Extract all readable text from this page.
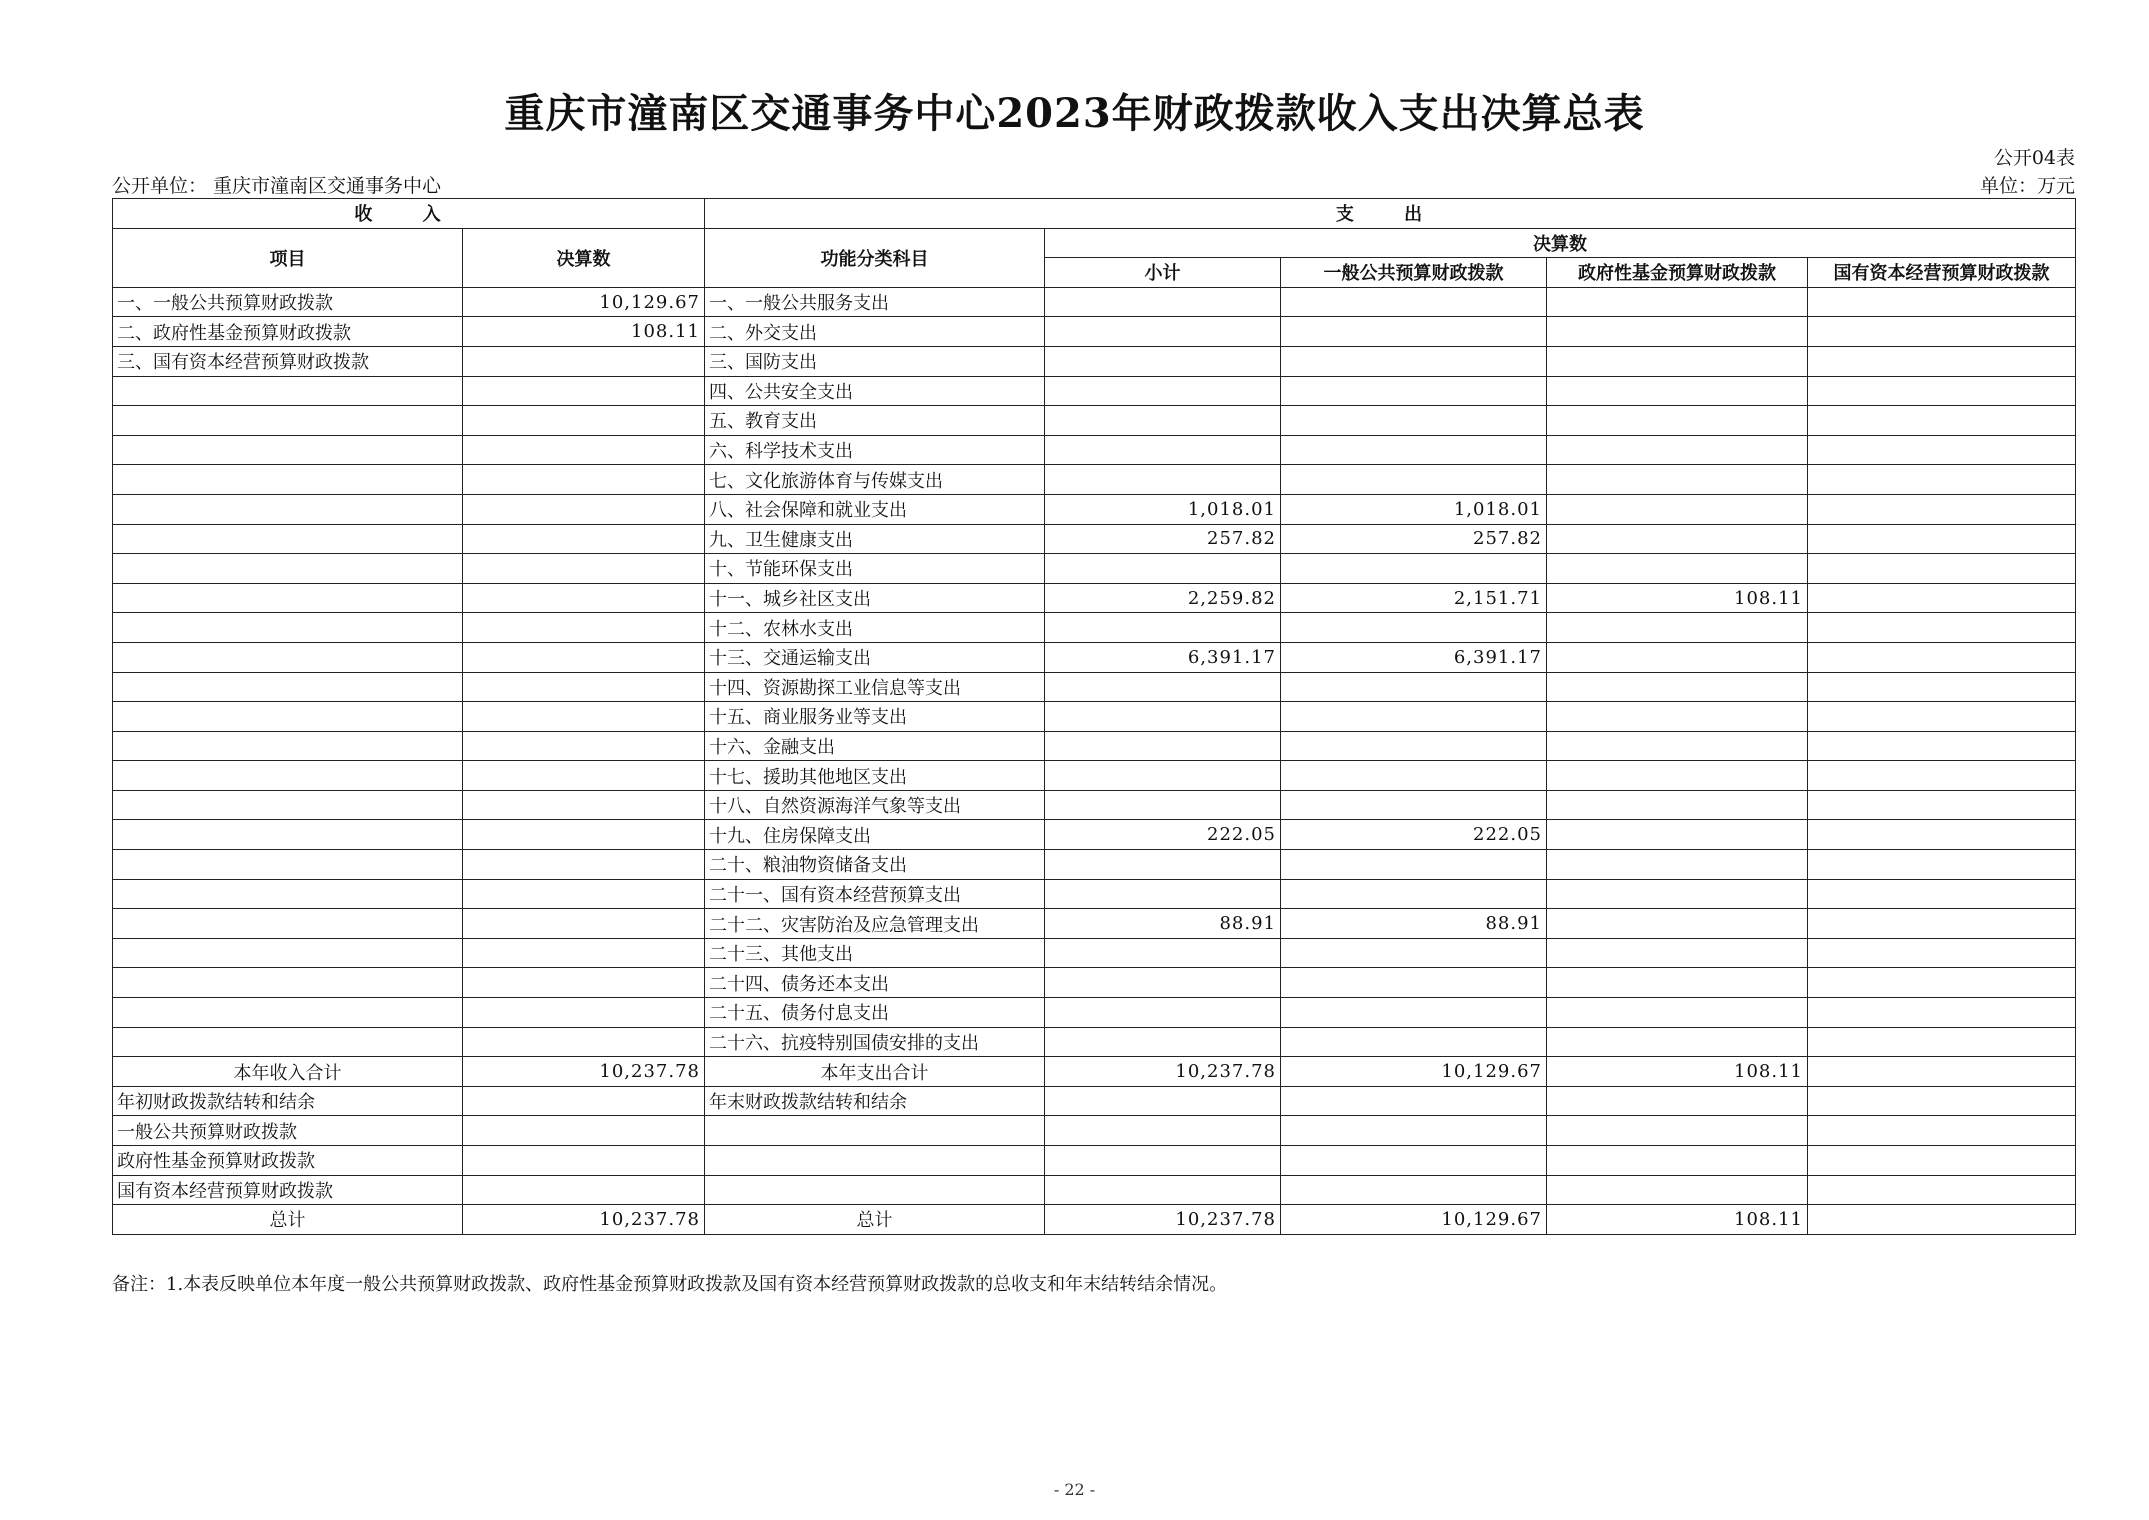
重庆市潼南区交通事务中心2023年财政拨款收入支出决算总表
公开04表
公开单位： 重庆市潼南区交通事务中心	单位：万元
收 入		支 出				
项目	决算数	功能分类科目	决算数			
			小计	一般公共预算财政拨款	政府性基金预算财政拨款	国有资本经营预算财政拨款
一、一般公共预算财政拨款	10,129.67	一、一般公共服务支出				
二、政府性基金预算财政拨款	108.11	二、外交支出				
三、国有资本经营预算财政拨款		三、国防支出				
		四、公共安全支出				
		五、教育支出				
		六、科学技术支出				
		七、文化旅游体育与传媒支出				
		八、社会保障和就业支出	1,018.01	1,018.01		
		九、卫生健康支出	257.82	257.82		
		十、节能环保支出				
		十一、城乡社区支出	2,259.82	2,151.71	108.11	
		十二、农林水支出				
		十三、交通运输支出	6,391.17	6,391.17		
		十四、资源勘探工业信息等支出				
		十五、商业服务业等支出				
		十六、金融支出				
		十七、援助其他地区支出				
		十八、自然资源海洋气象等支出				
		十九、住房保障支出	222.05	222.05		
		二十、粮油物资储备支出				
		二十一、国有资本经营预算支出				
		二十二、灾害防治及应急管理支出	88.91	88.91		
		二十三、其他支出				
		二十四、债务还本支出				
		二十五、债务付息支出				
		二十六、抗疫特别国债安排的支出				
本年收入合计	10,237.78	本年支出合计	10,237.78	10,129.67	108.11	
年初财政拨款结转和结余		年末财政拨款结转和结余				
一般公共预算财政拨款						
政府性基金预算财政拨款						
国有资本经营预算财政拨款						
总计	10,237.78	总计	10,237.78	10,129.67	108.11	
备注：1.本表反映单位本年度一般公共预算财政拨款、政府性基金预算财政拨款及国有资本经营预算财政拨款的总收支和年末结转结余情况。
- 22 -
